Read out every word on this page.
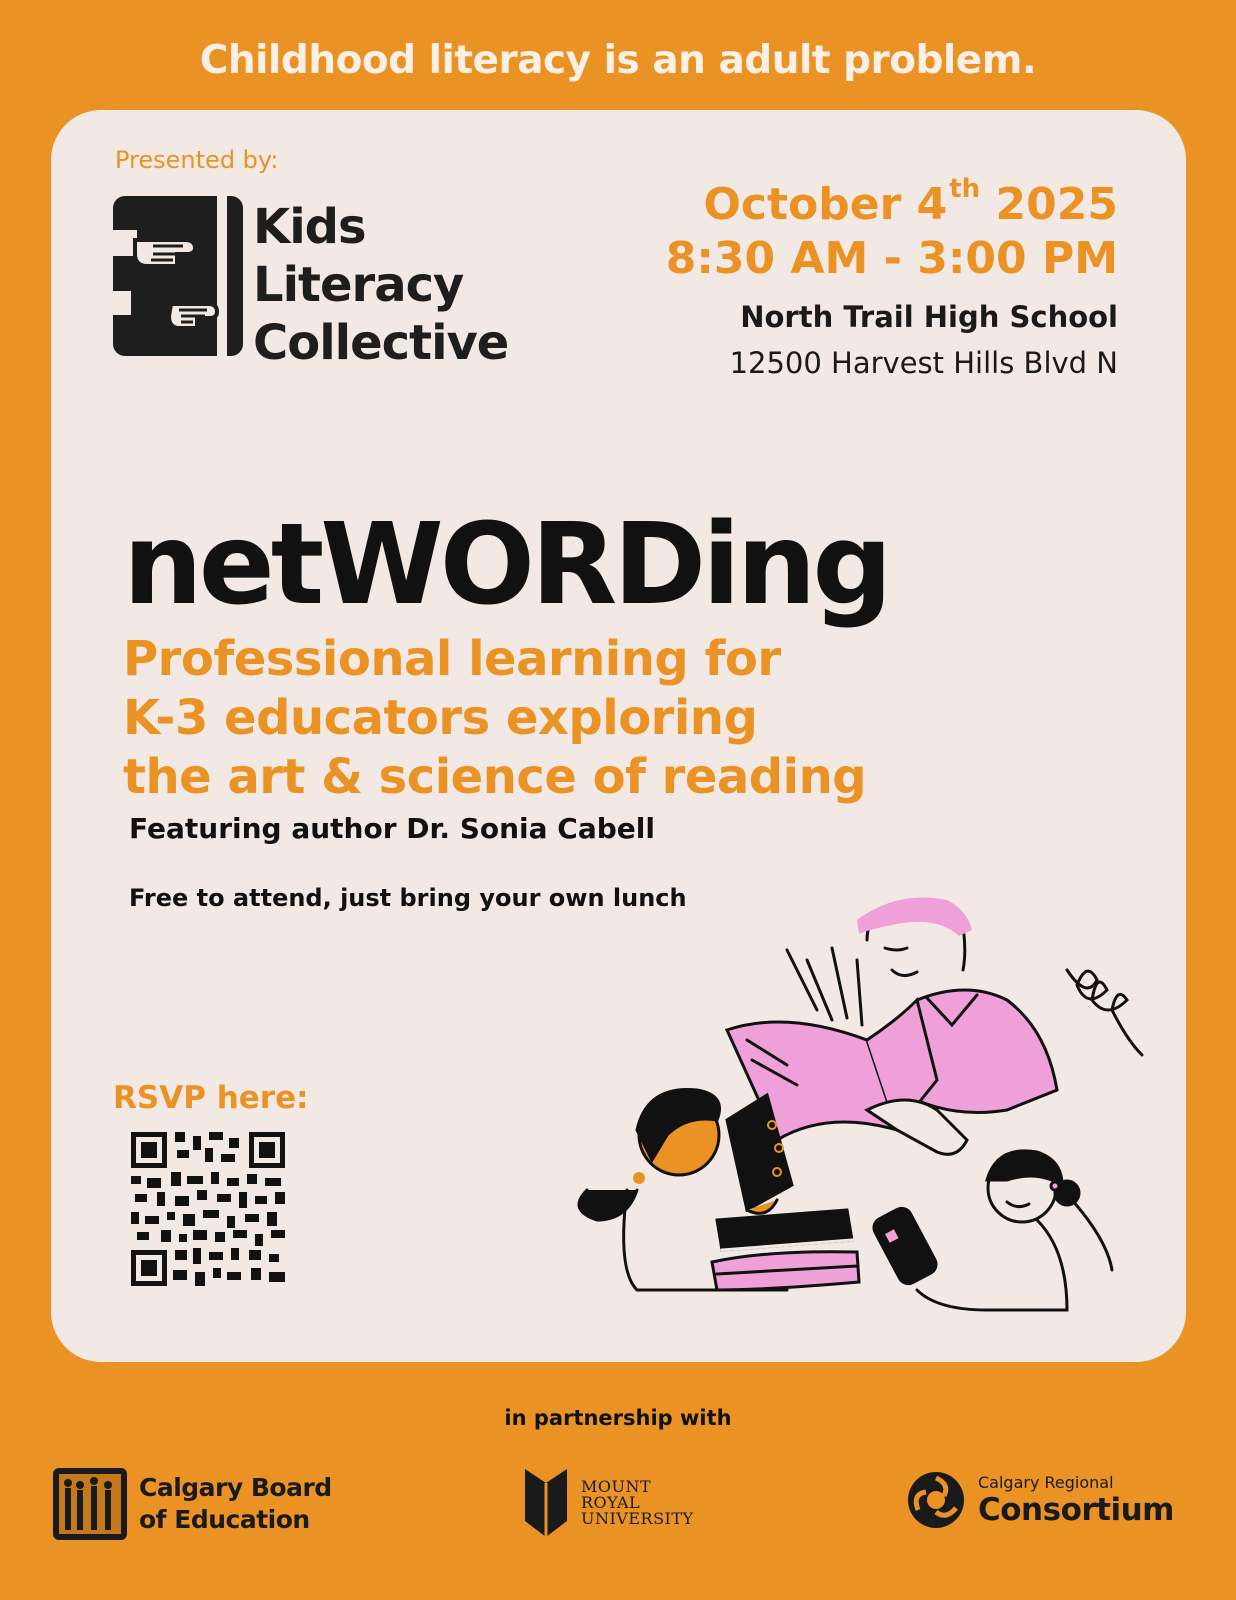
Childhood literacy is an adult problem.
Presented by:
Kids
Literacy
Collective
October 4th 2025
8:30 AM - 3:00 PM
North Trail High School
12500 Harvest Hills Blvd N
netWORDing
Professional learning for
K-3 educators exploring
the art & science of reading
Featuring author Dr. Sonia Cabell
Free to attend, just bring your own lunch
RSVP here:
in partnership with
Calgary Board
of Education
MOUNT
ROYAL
UNIVERSITY
Calgary Regional
Consortium
